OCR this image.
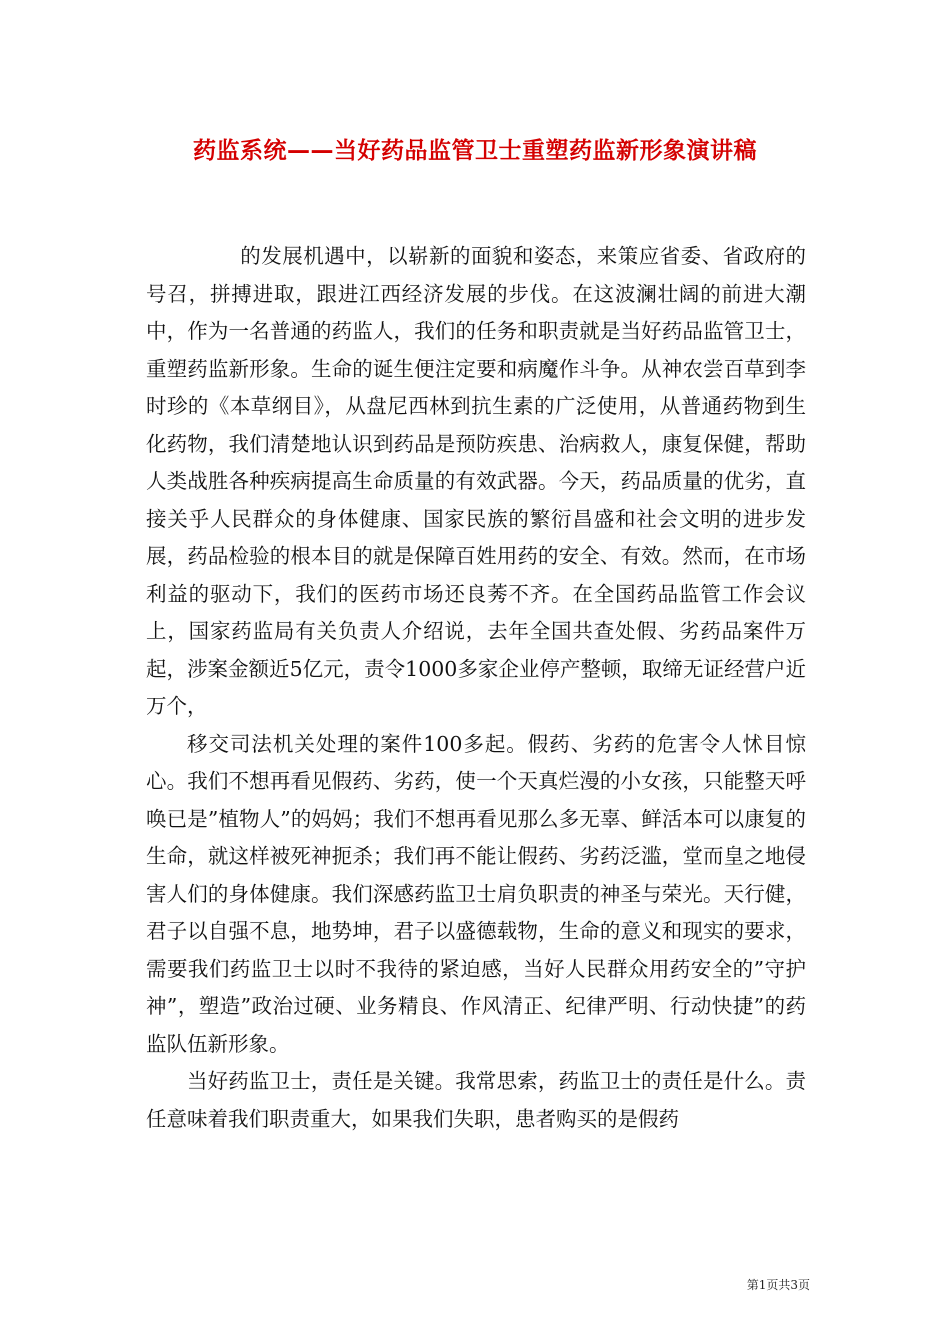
药监系统——当好药品监管卫士重塑药监新形象演讲稿

的发展机遇中，以崭新的面貌和姿态，来策应省委、省政府的号召，拼搏进取，跟进江西经济发展的步伐。在这波澜壮阔的前进大潮中，作为一名普通的药监人，我们的任务和职责就是当好药品监管卫士，重塑药监新形象。生命的诞生便注定要和病魔作斗争。从神农尝百草到李时珍的《本草纲目》，从盘尼西林到抗生素的广泛使用，从普通药物到生化药物，我们清楚地认识到药品是预防疾患、治病救人，康复保健，帮助人类战胜各种疾病提高生命质量的有效武器。今天，药品质量的优劣，直接关乎人民群众的身体健康、国家民族的繁衍昌盛和社会文明的进步发展，药品检验的根本目的就是保障百姓用药的安全、有效。然而，在市场利益的驱动下，我们的医药市场还良莠不齐。在全国药品监管工作会议上，国家药监局有关负责人介绍说，去年全国共查处假、劣药品案件万起，涉案金额近5亿元，责令1000多家企业停产整顿，取缔无证经营户近万个，

移交司法机关处理的案件100多起。假药、劣药的危害令人怵目惊心。我们不想再看见假药、劣药，使一个天真烂漫的小女孩，只能整天呼唤已是”植物人”的妈妈；我们不想再看见那么多无辜、鲜活本可以康复的生命，就这样被死神扼杀；我们再不能让假药、劣药泛滥，堂而皇之地侵害人们的身体健康。我们深感药监卫士肩负职责的神圣与荣光。天行健，君子以自强不息，地势坤，君子以盛德载物，生命的意义和现实的要求，需要我们药监卫士以时不我待的紧迫感，当好人民群众用药安全的”守护神”，塑造”政治过硬、业务精良、作风清正、纪律严明、行动快捷”的药监队伍新形象。

当好药监卫士，责任是关键。我常思索，药监卫士的责任是什么。责任意味着我们职责重大，如果我们失职，患者购买的是假药

第1页共3页
